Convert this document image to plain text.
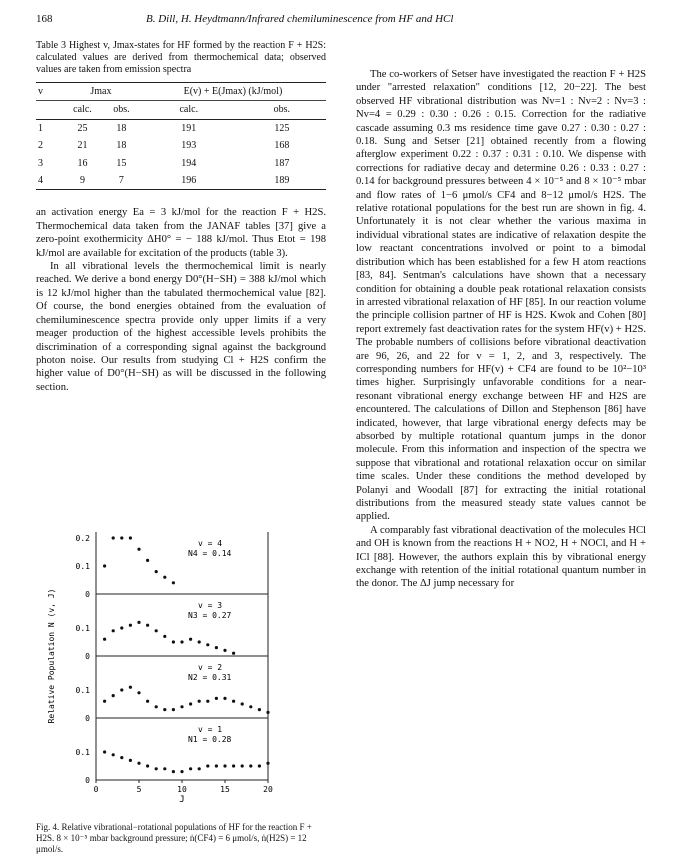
168	B. Dill, H. Heydtmann/Infrared chemiluminescence from HF and HCl
Table 3 Highest v, Jmax-states for HF formed by the reaction F + H2S: calculated values are derived from thermochemical data; observed values are taken from emission spectra
v	Jmax		E(v) + E(Jmax) (kJ/mol)	
	calc.	obs.	calc.	obs.
1	25	18	191	125
2	21	18	193	168
3	16	15	194	187
4	9	7	196	189

an activation energy Ea = 3 kJ/mol for the reaction F + H2S. Thermochemical data taken from the JANAF tables [37] give a zero-point exothermicity ΔH0° = − 188 kJ/mol. Thus Etot = 198 kJ/mol are available for excitation of the products (table 3).

In all vibrational levels the thermochemical limit is nearly reached. We derive a bond energy D0°(H−SH) = 388 kJ/mol which is 12 kJ/mol higher than the tabulated thermochemical value [82]. Of course, the bond energies obtained from the evaluation of chemiluminescence spectra provide only upper limits if a very meager production of the highest accessible levels prohibits the discrimination of a corresponding signal against the background photon noise. Our results from studying Cl + H2S confirm the higher value of D0°(H−SH) as will be discussed in the following section.

The co-workers of Setser have investigated the reaction F + H2S under "arrested relaxation" conditions [12, 20−22]. The best observed HF vibrational distribution was Nv=1 : Nv=2 : Nv=3 : Nv=4 = 0.29 : 0.30 : 0.26 : 0.15. Correction for the radiative cascade assuming 0.3 ms residence time gave 0.27 : 0.30 : 0.27 : 0.18. Sung and Setser [21] obtained recently from a flowing afterglow experiment 0.22 : 0.37 : 0.31 : 0.10. We dispense with corrections for radiative decay and determine 0.26 : 0.33 : 0.27 : 0.14 for background pressures between 4 × 10⁻⁵ and 8 × 10⁻⁵ mbar and flow rates of 1−6 μmol/s CF4 and 8−12 μmol/s H2S. The relative rotational populations for the best run are shown in fig. 4. Unfortunately it is not clear whether the various maxima in individual vibrational states are indicative of relaxation despite the low reactant concentrations involved or point to a bimodal distribution which has been established for a few H atom reactions [83, 84]. Sentman's calculations have shown that a necessary condition for obtaining a double peak rotational relaxation consists in arrested vibrational relaxation of HF [85]. In our reaction volume the principle collision partner of HF is H2S. Kwok and Cohen [80] report extremely fast deactivation rates for the system HF(v) + H2S. The probable numbers of collisions before vibrational deactivation are 96, 26, and 22 for v = 1, 2, and 3, respectively. The corresponding numbers for HF(v) + CF4 are found to be 10²−10³ times higher. Surprisingly unfavorable conditions for a near-resonant vibrational energy exchange between HF and H2S are encountered. The calculations of Dillon and Stephenson [86] have indicated, however, that large vibrational energy defects may be absorbed by multiple rotational quantum jumps in the donor molecule. From this information and inspection of the spectra we suppose that vibrational and rotational relaxation occur on similar time scales. Under these conditions the method developed by Polanyi and Woodall [87] for extracting the initial rotational distributions from the measured steady state values cannot be applied.

A comparably fast vibrational deactivation of the molecules HCl and OH is known from the reactions H + NO2, H + NOCl, and H + ICl [88]. However, the authors explain this by vibrational energy exchange with retention of the initial rotational quantum number in the donor. The ΔJ jump necessary for

0
0.1
0.2
v = 4
N4 = 0.14
0
0.1
v = 3
N3 = 0.27
0
0.1
v = 2
N2 = 0.31
0
0.1
v = 1
N1 = 0.28
0	5	10	15	20
J
Relative Population N (v, J)
Fig. 4. Relative vibrational−rotational populations of HF for the reaction F + H2S. 8 × 10⁻⁵ mbar background pressure; ṅ(CF4) = 6 μmol/s, ṅ(H2S) = 12 μmol/s.
